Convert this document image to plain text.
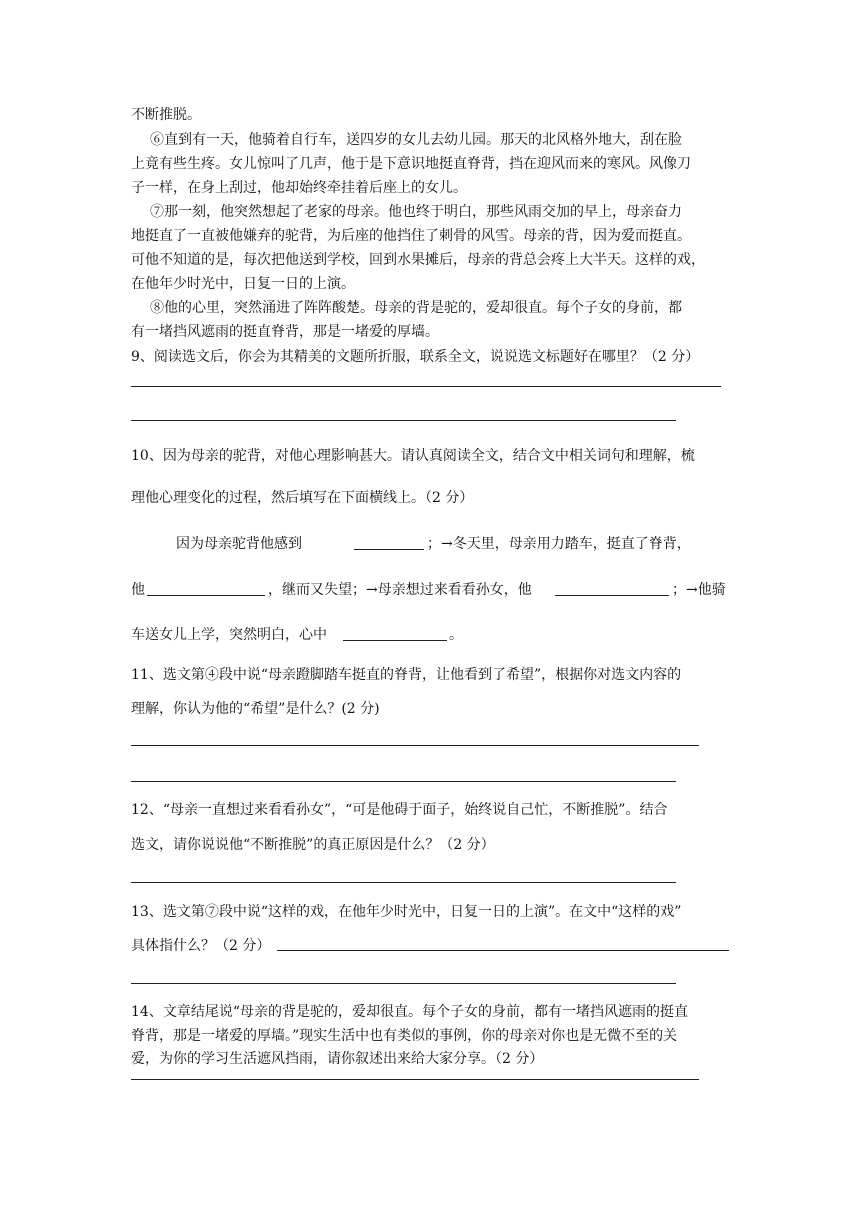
不断推脱。
⑥直到有一天，他骑着自行车，送四岁的女儿去幼儿园。那天的北风格外地大，刮在脸
上竟有些生疼。女儿惊叫了几声，他于是下意识地挺直脊背，挡在迎风而来的寒风。风像刀
子一样，在身上刮过，他却始终牵挂着后座上的女儿。
⑦那一刻，他突然想起了老家的母亲。他也终于明白，那些风雨交加的早上，母亲奋力
地挺直了一直被他嫌弃的驼背，为后座的他挡住了刺骨的风雪。母亲的背，因为爱而挺直。
可他不知道的是，每次把他送到学校，回到水果摊后，母亲的背总会疼上大半天。这样的戏，
在他年少时光中，日复一日的上演。
⑧他的心里，突然涌进了阵阵酸楚。母亲的背是驼的，爱却很直。每个子女的身前，都
有一堵挡风遮雨的挺直脊背，那是一堵爱的厚墙。
9、阅读选文后，你会为其精美的文题所折服，联系全文，说说选文标题好在哪里？（2 分）
10、因为母亲的驼背，对他心理影响甚大。请认真阅读全文，结合文中相关词句和理解，梳
理他心理变化的过程，然后填写在下面横线上。（2 分）
因为母亲驼背他感到	；→冬天里，母亲用力踏车，挺直了脊背，
他	，继而又失望；→母亲想过来看看孙女，他	；→他骑
车送女儿上学，突然明白，心中	。
11、选文第④段中说“母亲蹬脚踏车挺直的脊背，让他看到了希望”，根据你对选文内容的
理解，你认为他的“希望”是什么？(2 分)
12、“母亲一直想过来看看孙女”，“可是他碍于面子，始终说自己忙，不断推脱”。结合
选文，请你说说他“不断推脱”的真正原因是什么？（2 分）
13、选文第⑦段中说“这样的戏，在他年少时光中，日复一日的上演”。在文中“这样的戏”
具体指什么？（2 分）
14、文章结尾说“母亲的背是驼的，爱却很直。每个子女的身前，都有一堵挡风遮雨的挺直
脊背，那是一堵爱的厚墙。”现实生活中也有类似的事例，你的母亲对你也是无微不至的关
爱，为你的学习生活遮风挡雨，请你叙述出来给大家分享。（2 分）
